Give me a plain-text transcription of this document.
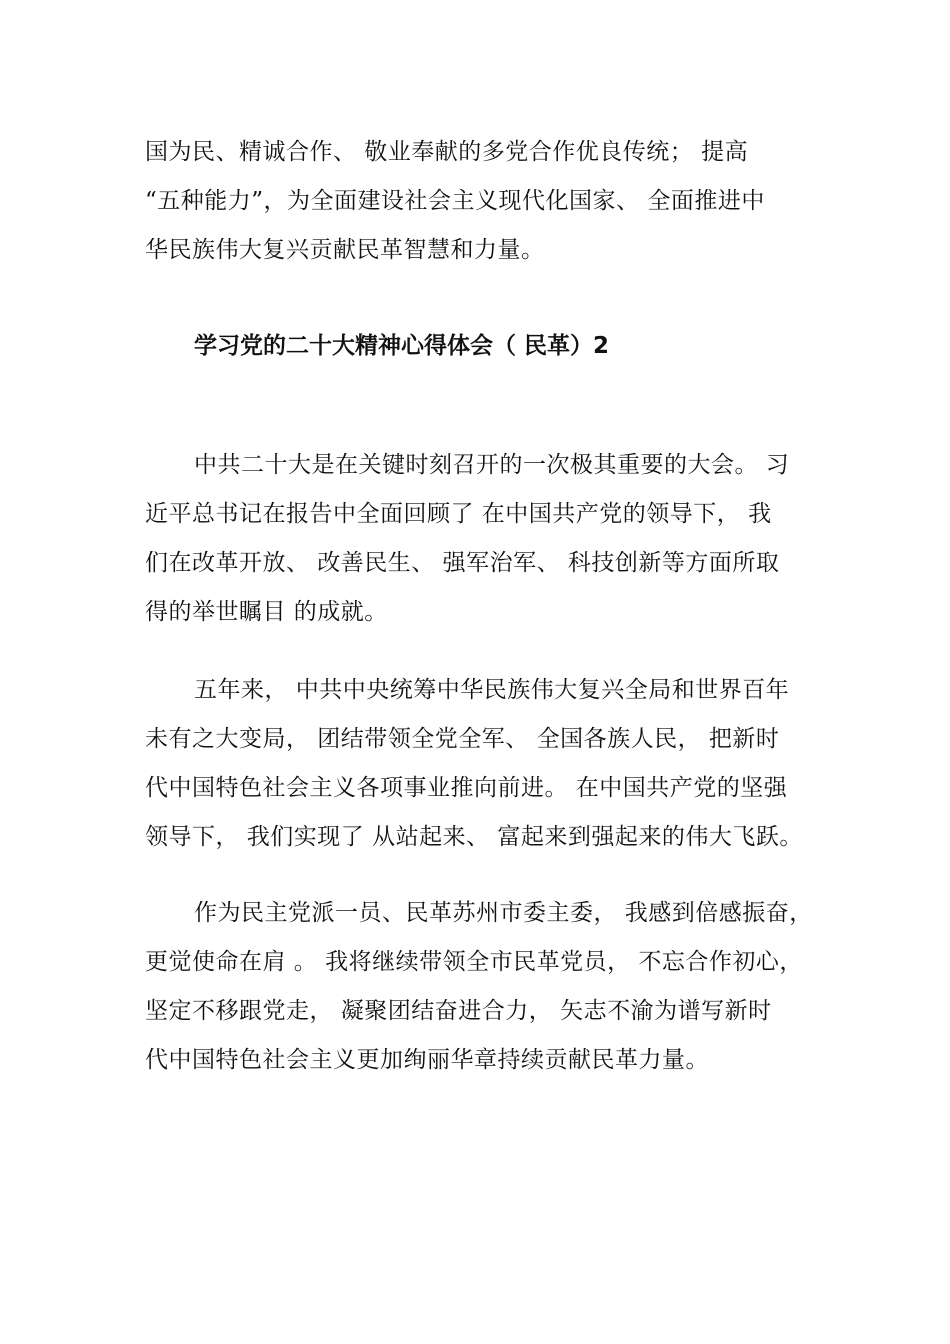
国为民、精诚合作、 敬业奉献的多党合作优良传统； 提高
“五种能力”，为全面建设社会主义现代化国家、 全面推进中
华民族伟大复兴贡献民革智慧和力量。

学习党的二十大精神心得体会（ 民革）2

中共二十大是在关键时刻召开的一次极其重要的大会。 习
近平总书记在报告中全面回顾了 在中国共产党的领导下， 我
们在改革开放、 改善民生、 强军治军、 科技创新等方面所取
得的举世瞩目 的成就。

五年来， 中共中央统筹中华民族伟大复兴全局和世界百年
未有之大变局， 团结带领全党全军、 全国各族人民， 把新时
代中国特色社会主义各项事业推向前进。 在中国共产党的坚强
领导下， 我们实现了 从站起来、 富起来到强起来的伟大飞跃。

作为民主党派一员、民革苏州市委主委， 我感到倍感振奋，
更觉使命在肩 。 我将继续带领全市民革党员， 不忘合作初心，
坚定不移跟党走， 凝聚团结奋进合力， 矢志不渝为谱写新时
代中国特色社会主义更加绚丽华章持续贡献民革力量。
